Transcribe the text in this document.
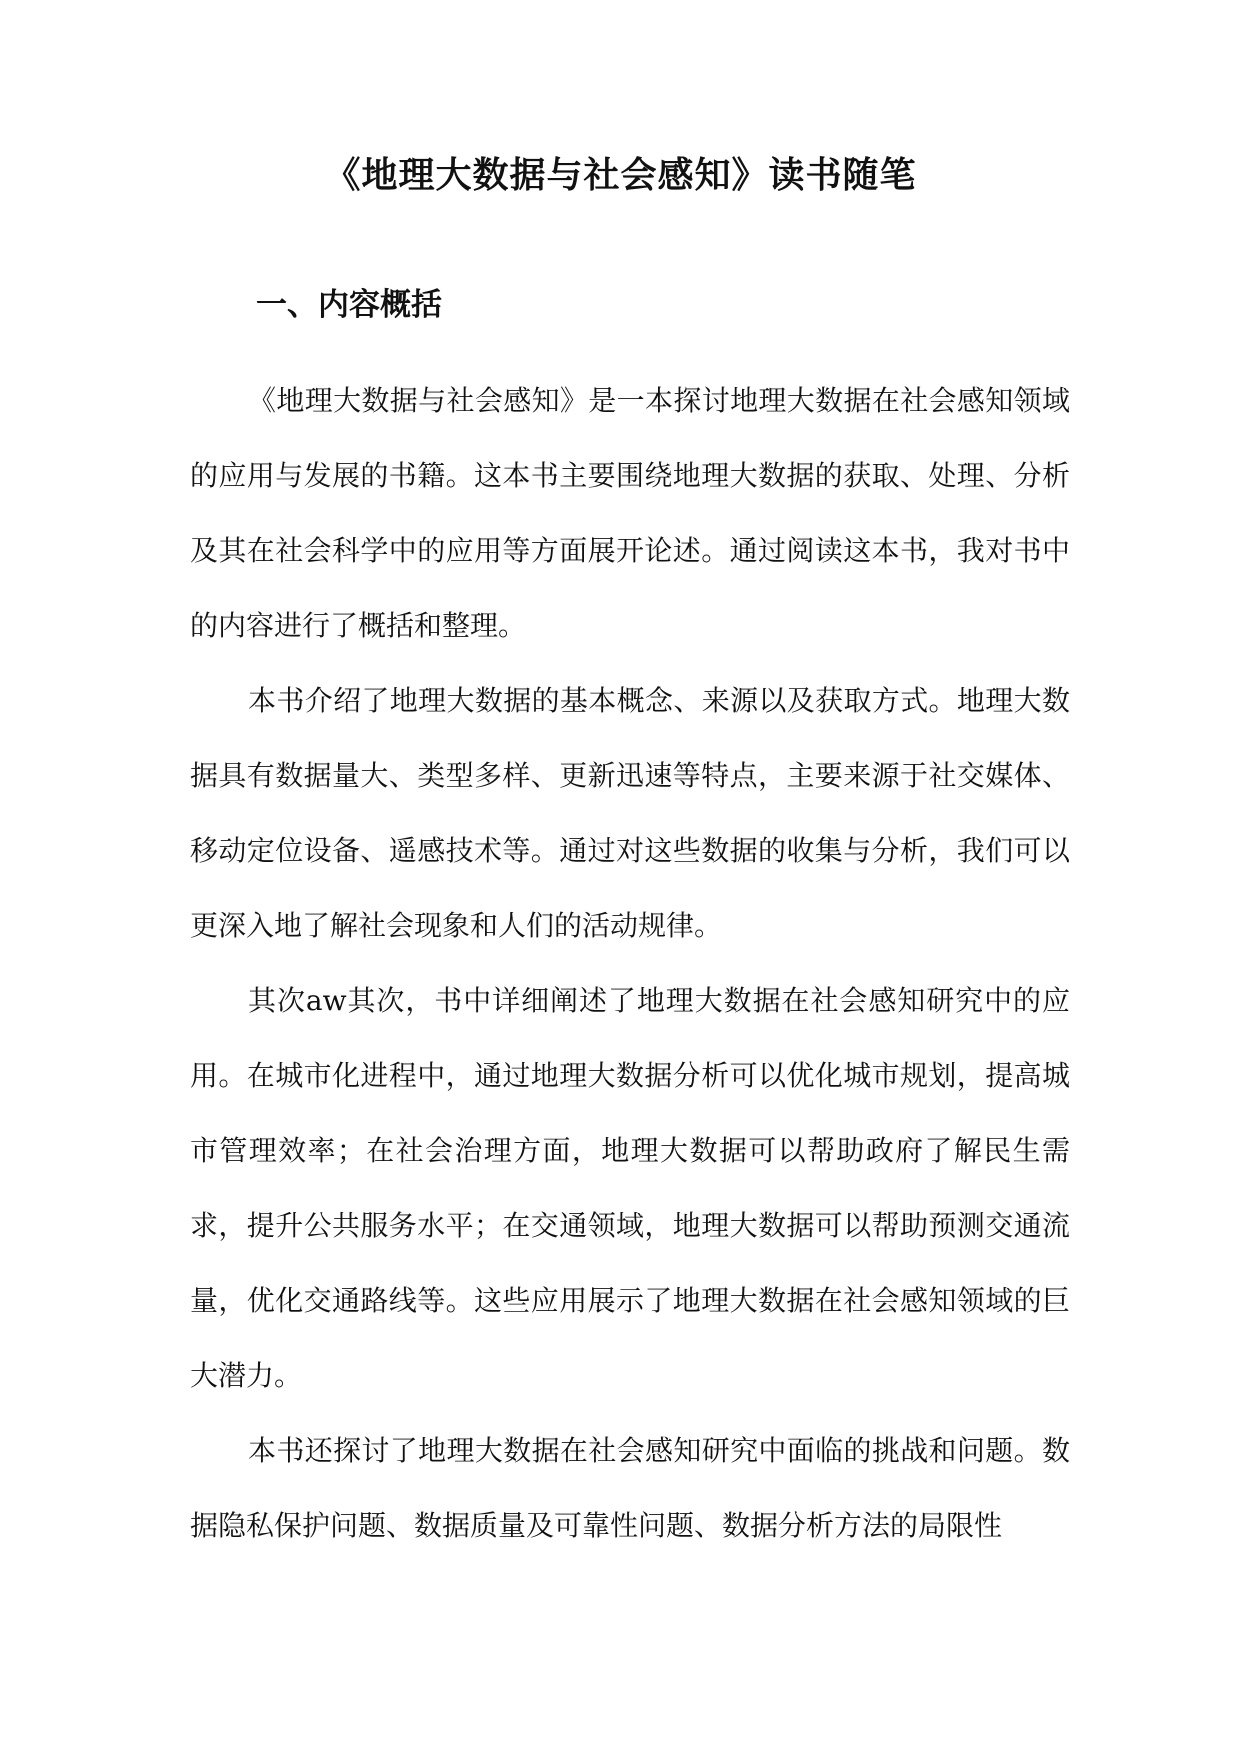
《地理大数据与社会感知》读书随笔
一、内容概括

《地理大数据与社会感知》是一本探讨地理大数据在社会感知领域的应用与发展的书籍。这本书主要围绕地理大数据的获取、处理、分析及其在社会科学中的应用等方面展开论述。通过阅读这本书，我对书中的内容进行了概括和整理。

本书介绍了地理大数据的基本概念、来源以及获取方式。地理大数据具有数据量大、类型多样、更新迅速等特点，主要来源于社交媒体、移动定位设备、遥感技术等。通过对这些数据的收集与分析，我们可以更深入地了解社会现象和人们的活动规律。

其次aw其次，书中详细阐述了地理大数据在社会感知研究中的应用。在城市化进程中，通过地理大数据分析可以优化城市规划，提高城市管理效率；在社会治理方面，地理大数据可以帮助政府了解民生需求，提升公共服务水平；在交通领域，地理大数据可以帮助预测交通流量，优化交通路线等。这些应用展示了地理大数据在社会感知领域的巨大潜力。

本书还探讨了地理大数据在社会感知研究中面临的挑战和问题。数据隐私保护问题、数据质量及可靠性问题、数据分析方法的局限性
